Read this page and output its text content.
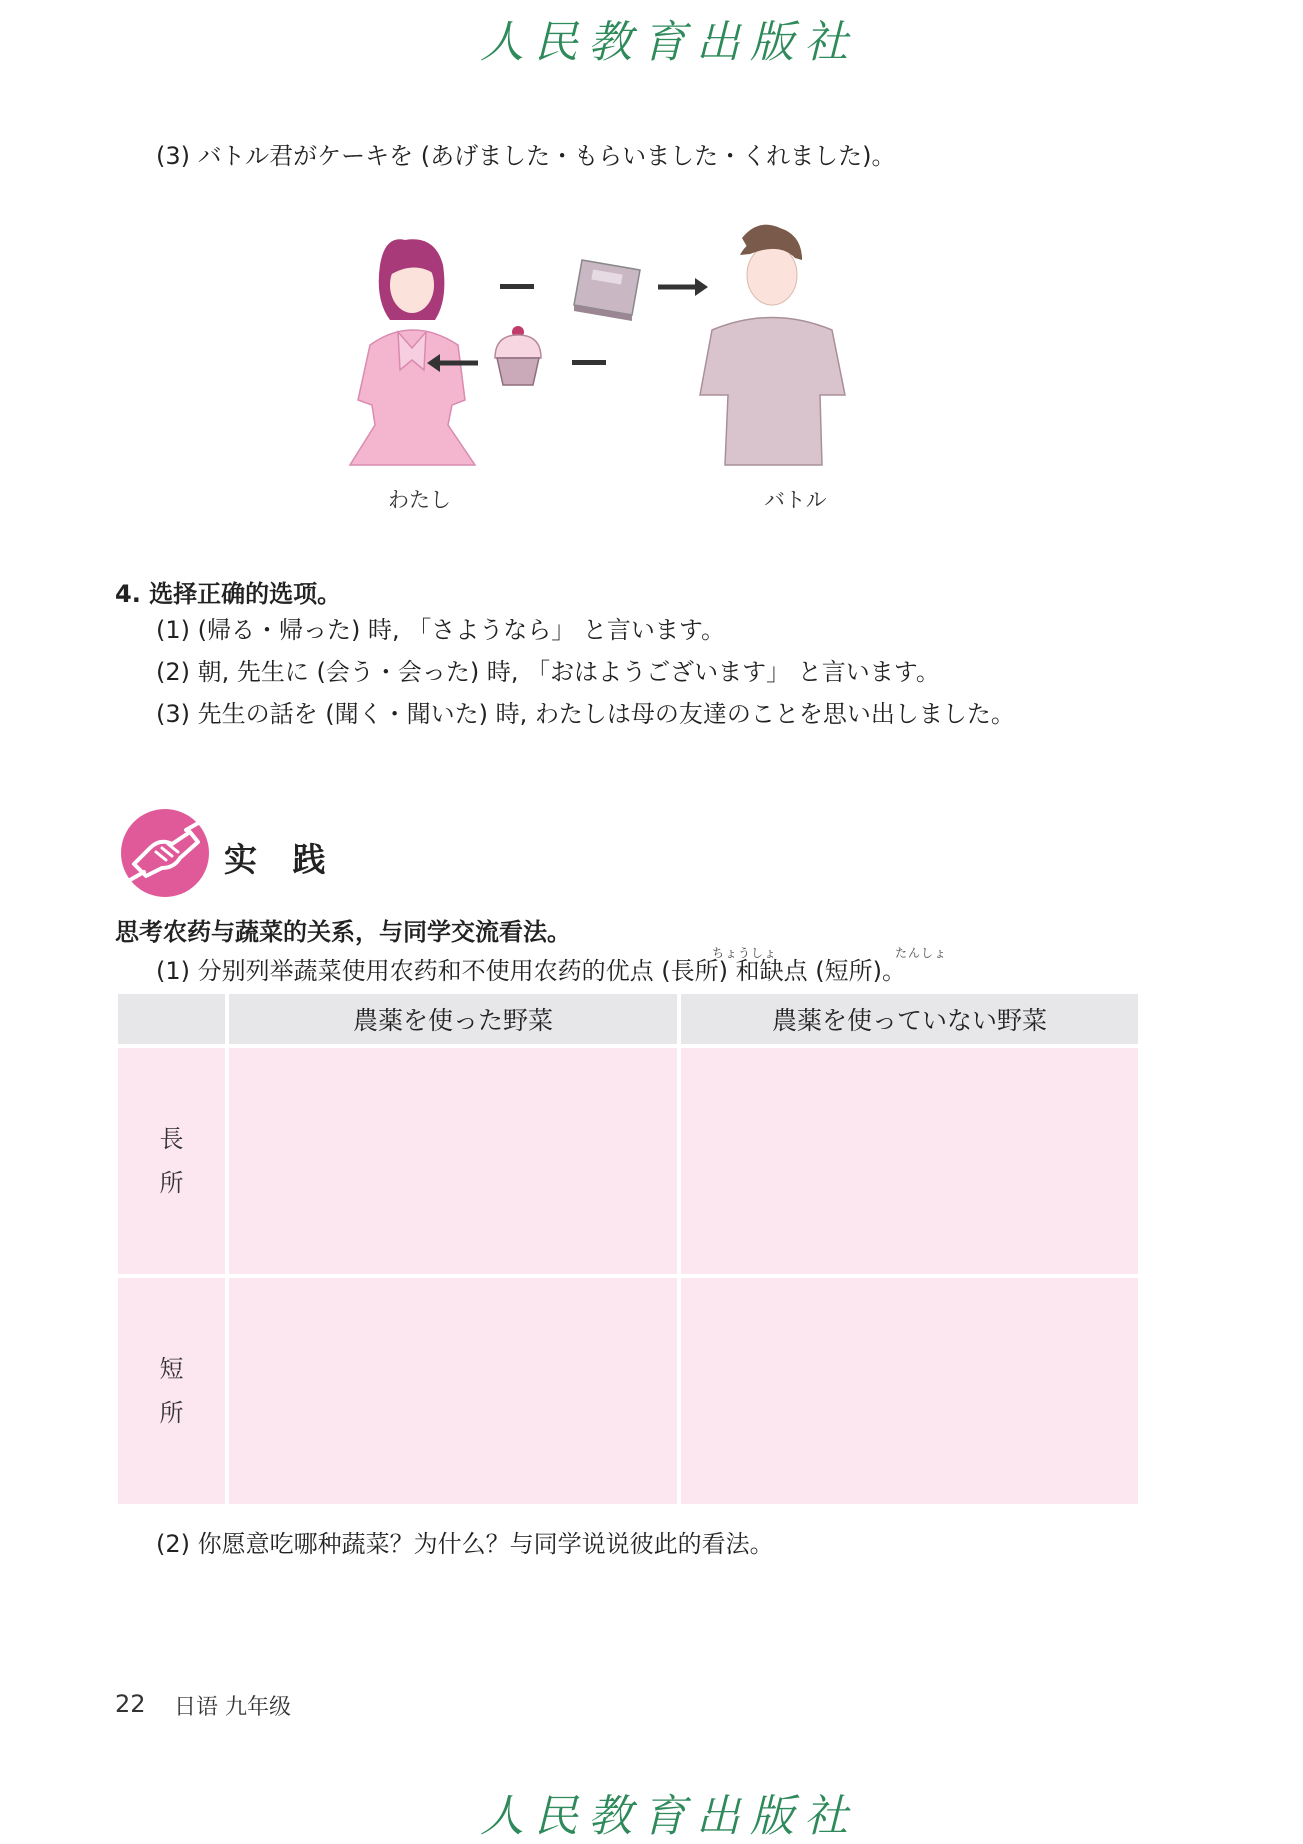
人民教育出版社
(3) バトル君がケーキを (あげました・もらいました・くれました)。
わたし	バトル
4. 选择正确的选项。
(1) (帰る・帰った) 時, 「さようなら」 と言います。
(2) 朝, 先生に (会う・会った) 時, 「おはようございます」 と言います。
(3) 先生の話を (聞く・聞いた) 時, わたしは母の友達のことを思い出しました。
实 践
思考农药与蔬菜的关系，与同学交流看法。
ちょうしょ	たんしょ
(1) 分别列举蔬菜使用农药和不使用农药的优点 (長所) 和缺点 (短所)。
	農薬を使った野菜	農薬を使っていない野菜

長
所		

短
所		

(2) 你愿意吃哪种蔬菜？为什么？与同学说说彼此的看法。
22 日语 九年级
人民教育出版社
